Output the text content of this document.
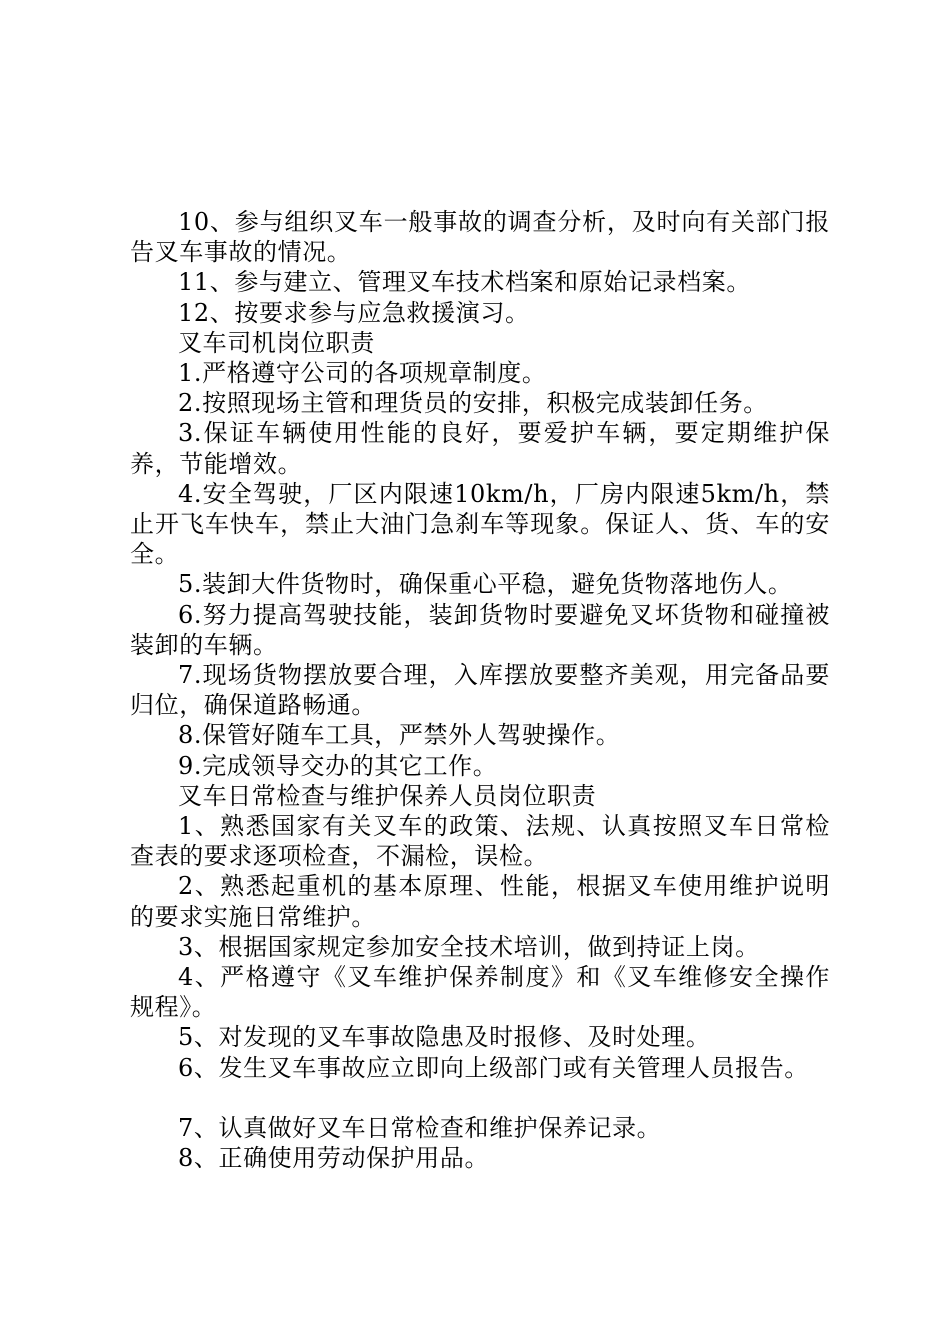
10、参与组织叉车一般事故的调查分析，及时向有关部门报告叉车事故的情况。

11、参与建立、管理叉车技术档案和原始记录档案。

12、按要求参与应急救援演习。

叉车司机岗位职责

1.严格遵守公司的各项规章制度。

2.按照现场主管和理货员的安排，积极完成装卸任务。

3.保证车辆使用性能的良好，要爱护车辆，要定期维护保养，节能增效。

4.安全驾驶，厂区内限速10km/h，厂房内限速5km/h，禁止开飞车快车，禁止大油门急刹车等现象。保证人、货、车的安全。

5.装卸大件货物时，确保重心平稳，避免货物落地伤人。

6.努力提高驾驶技能，装卸货物时要避免叉坏货物和碰撞被装卸的车辆。

7.现场货物摆放要合理，入库摆放要整齐美观，用完备品要归位，确保道路畅通。

8.保管好随车工具，严禁外人驾驶操作。

9.完成领导交办的其它工作。

叉车日常检查与维护保养人员岗位职责

1、熟悉国家有关叉车的政策、法规、认真按照叉车日常检查表的要求逐项检查，不漏检，误检。

2、熟悉起重机的基本原理、性能，根据叉车使用维护说明的要求实施日常维护。

3、根据国家规定参加安全技术培训，做到持证上岗。

4、严格遵守《叉车维护保养制度》和《叉车维修安全操作规程》。

5、对发现的叉车事故隐患及时报修、及时处理。

6、发生叉车事故应立即向上级部门或有关管理人员报告。

7、认真做好叉车日常检查和维护保养记录。

8、正确使用劳动保护用品。
